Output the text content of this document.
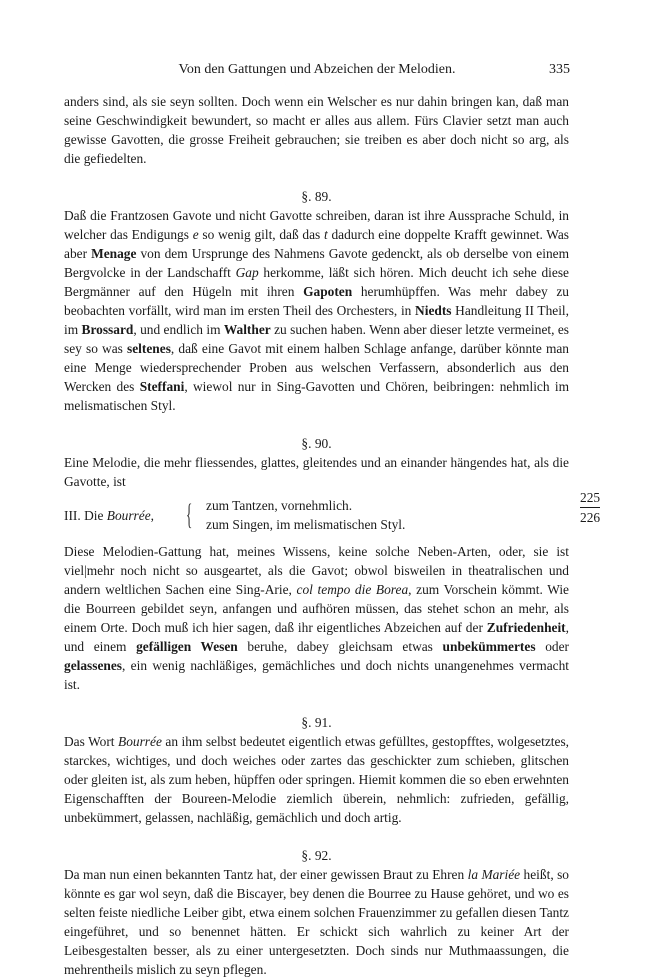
Von den Gattungen und Abzeichen der Melodien.	335
225
226

anders sind, als sie seyn sollten. Doch wenn ein Welscher es nur dahin bringen kan, daß man seine Geschwindigkeit bewundert, so macht er alles aus allem. Fürs Clavier setzt man auch gewisse Gavotten, die grosse Freiheit gebrauchen; sie treiben es aber doch nicht so arg, als die gefiedelten.

§. 89.

Daß die Frantzosen Gavote und nicht Gavotte schreiben, daran ist ihre Aussprache Schuld, in welcher das Endigungs e so wenig gilt, daß das t dadurch eine doppelte Krafft gewinnet. Was aber Menage von dem Ursprunge des Nahmens Gavote gedenckt, als ob derselbe von einem Bergvolcke in der Landschafft Gap herkomme, läßt sich hören. Mich deucht ich sehe diese Bergmänner auf den Hügeln mit ihren Gapoten herumhüpffen. Was mehr dabey zu beobachten vorfällt, wird man im ersten Theil des Orchesters, in Niedts Handleitung II Theil, im Brossard, und endlich im Walther zu suchen haben. Wenn aber dieser letzte vermeinet, es sey so was seltenes, daß eine Gavot mit einem halben Schlage anfange, darüber könnte man eine Menge wiedersprechender Proben aus welschen Verfassern, absonderlich aus den Wercken des Steffani, wiewol nur in Sing-Gavotten und Chören, beibringen: nehmlich im melismatischen Styl.

§. 90.

Eine Melodie, die mehr fliessendes, glattes, gleitendes und an einander hängendes hat, als die Gavotte, ist

III. Die Bourrée,	{ zum Tantzen, vornehmlich.
zum Singen, im melismatischen Styl.

Diese Melodien-Gattung hat, meines Wissens, keine solche Neben-Arten, oder, sie ist viel|mehr noch nicht so ausgeartet, als die Gavot; obwol bisweilen in theatralischen und andern weltlichen Sachen eine Sing-Arie, col tempo die Borea, zum Vorschein kömmt. Wie die Bourreen gebildet seyn, anfangen und aufhören müssen, das stehet schon an mehr, als einem Orte. Doch muß ich hier sagen, daß ihr eigentliches Abzeichen auf der Zufriedenheit, und einem gefälligen Wesen beruhe, dabey gleichsam etwas unbekümmertes oder gelassenes, ein wenig nachläßiges, gemächliches und doch nichts unangenehmes vermacht ist.

§. 91.

Das Wort Bourrée an ihm selbst bedeutet eigentlich etwas gefülltes, gestopfftes, wolgesetztes, starckes, wichtiges, und doch weiches oder zartes das geschickter zum schieben, glitschen oder gleiten ist, als zum heben, hüpffen oder springen. Hiemit kommen die so eben erwehnten Eigenschafften der Boureen-Melodie ziemlich überein, nehmlich: zufrieden, gefällig, unbekümmert, gelassen, nachläßig, gemächlich und doch artig.

§. 92.

Da man nun einen bekannten Tantz hat, der einer gewissen Braut zu Ehren la Mariée heißt, so könnte es gar wol seyn, daß die Biscayer, bey denen die Bourree zu Hause gehöret, und wo es selten feiste niedliche Leiber gibt, etwa einem solchen Frauenzimmer zu gefallen diesen Tantz eingeführet, und so benennet hätten. Er schickt sich wahrlich zu keiner Art der Leibesgestalten besser, als zu einer untergesetzten. Doch sinds nur Muthmaassungen, die mehrentheils mislich zu seyn pflegen.
